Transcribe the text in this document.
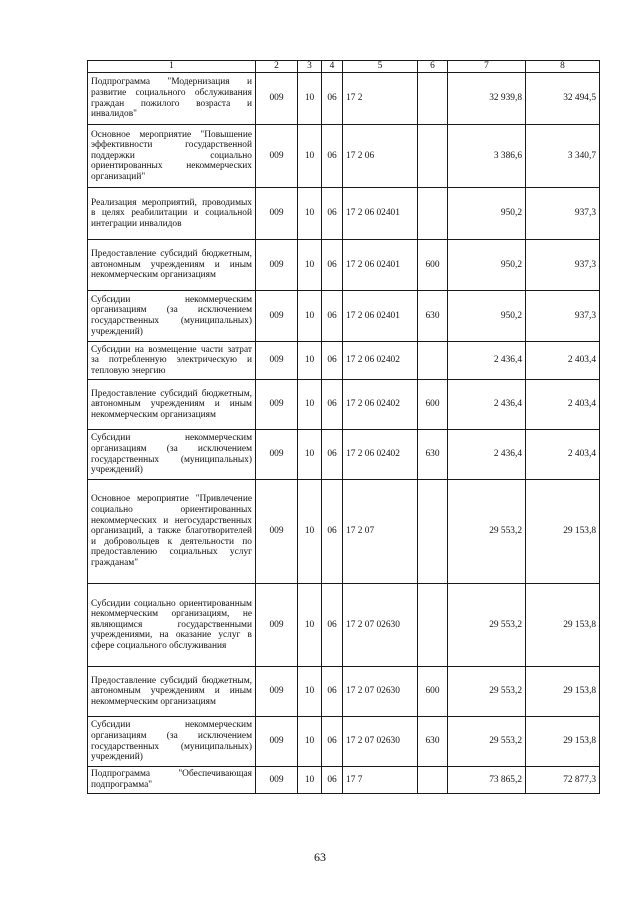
1	2	3	4	5	6	7	8
Подпрограмма "Модернизация и развитие социального обслуживания граждан пожилого возраста и инвалидов"	009	10	06	17 2		32 939,8	32 494,5
Основное мероприятие "Повышение эффективности государственной поддержки социально ориентированных некоммерческих организаций"	009	10	06	17 2 06		3 386,6	3 340,7
Реализация мероприятий, проводимых в целях реабилитации и социальной интеграции инвалидов	009	10	06	17 2 06 02401		950,2	937,3
Предоставление субсидий бюджетным, автономным учреждениям и иным некоммерческим организациям	009	10	06	17 2 06 02401	600	950,2	937,3
Субсидии некоммерческим организациям (за исключением государственных (муниципальных) учреждений)	009	10	06	17 2 06 02401	630	950,2	937,3
Субсидии на возмещение части затрат за потребленную электрическую и тепловую энергию	009	10	06	17 2 06 02402		2 436,4	2 403,4
Предоставление субсидий бюджетным, автономным учреждениям и иным некоммерческим организациям	009	10	06	17 2 06 02402	600	2 436,4	2 403,4
Субсидии некоммерческим организациям (за исключением государственных (муниципальных) учреждений)	009	10	06	17 2 06 02402	630	2 436,4	2 403,4
Основное мероприятие "Привлечение социально ориентированных некоммерческих и негосударственных организаций, а также благотворителей и добровольцев к деятельности по предоставлению социальных услуг гражданам"	009	10	06	17 2 07		29 553,2	29 153,8
Субсидии социально ориентированным некоммерческим организациям, не являющимся государственными учреждениями, на оказание услуг в сфере социального обслуживания	009	10	06	17 2 07 02630		29 553,2	29 153,8
Предоставление субсидий бюджетным, автономным учреждениям и иным некоммерческим организациям	009	10	06	17 2 07 02630	600	29 553,2	29 153,8
Субсидии некоммерческим организациям (за исключением государственных (муниципальных) учреждений)	009	10	06	17 2 07 02630	630	29 553,2	29 153,8
Подпрограмма "Обеспечивающая подпрограмма"	009	10	06	17 7		73 865,2	72 877,3
63
